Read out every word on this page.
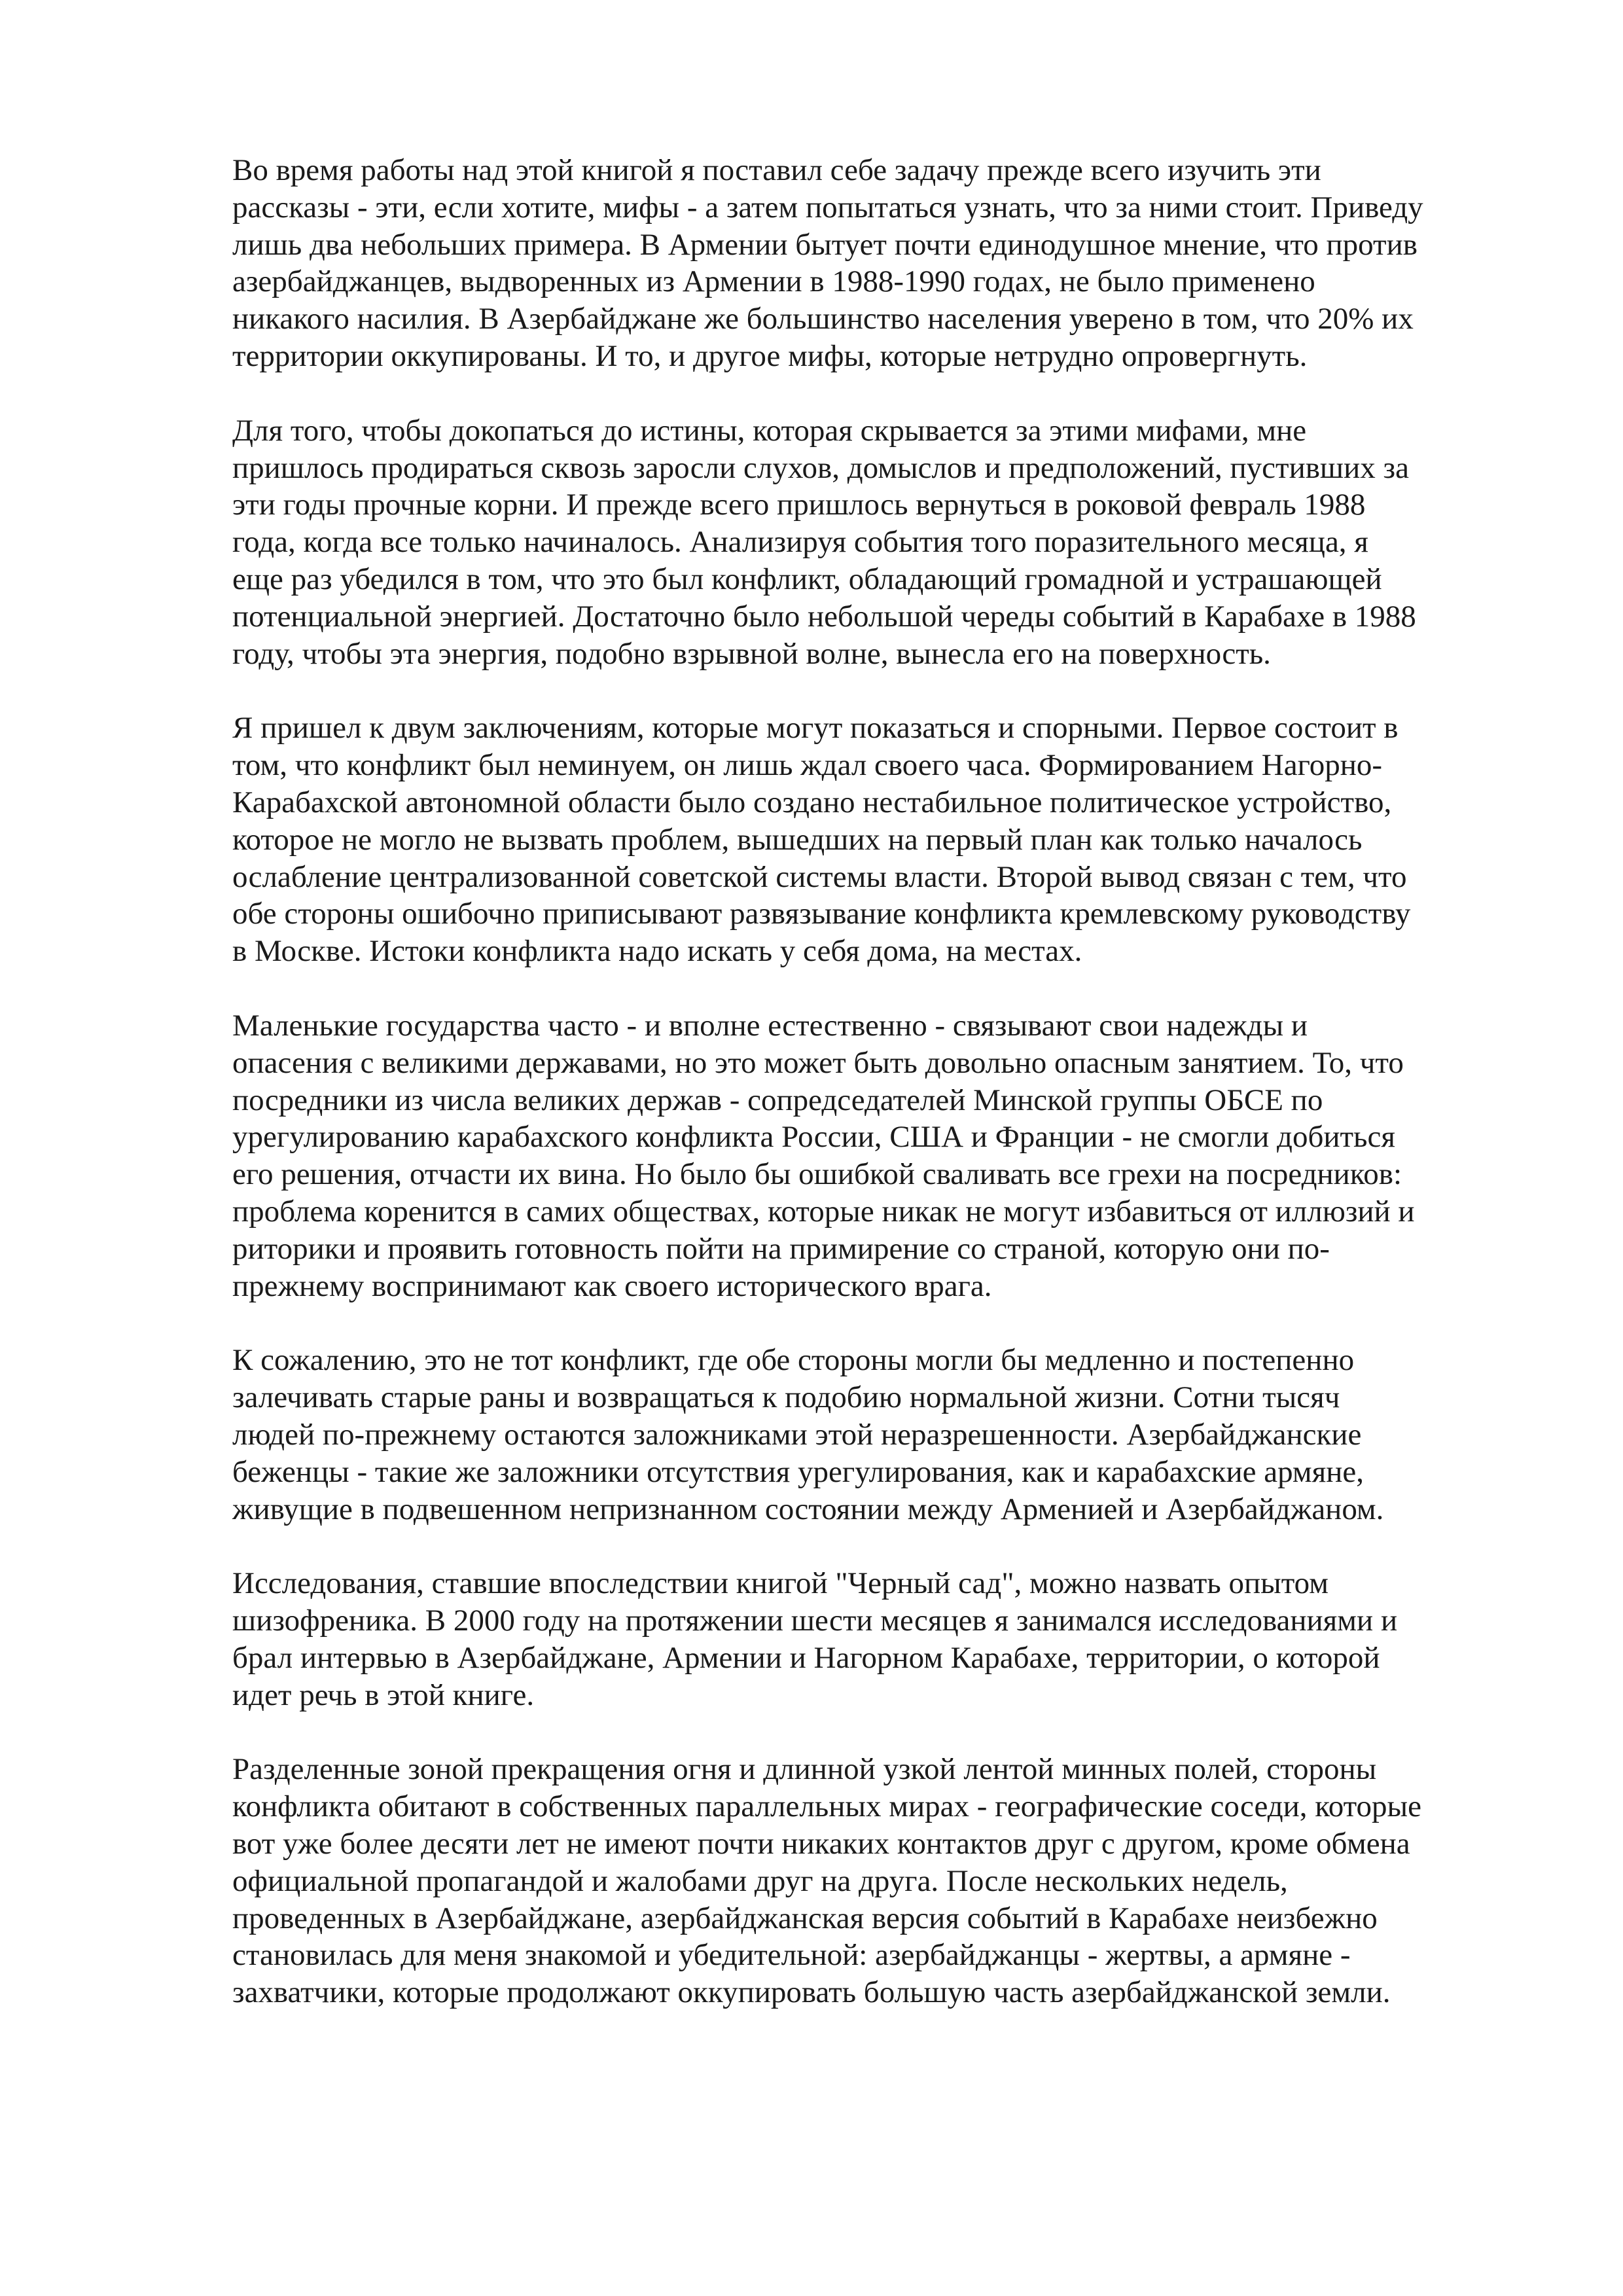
Во время работы над этой книгой я поставил себе задачу прежде всего изучить эти
рассказы - эти, если хотите, мифы - а затем попытаться узнать, что за ними стоит. Приведу
лишь два небольших примера. В Армении бытует почти единодушное мнение, что против
азербайджанцев, выдворенных из Армении в 1988-1990 годах, не было применено
никакого насилия. В Азербайджане же большинство населения уверено в том, что 20% их
территории оккупированы. И то, и другое мифы, которые нетрудно опровергнуть.

Для того, чтобы докопаться до истины, которая скрывается за этими мифами, мне
пришлось продираться сквозь заросли слухов, домыслов и предположений, пустивших за
эти годы прочные корни. И прежде всего пришлось вернуться в роковой февраль 1988
года, когда все только начиналось. Анализируя события того поразительного месяца, я
еще раз убедился в том, что это был конфликт, обладающий громадной и устрашающей
потенциальной энергией. Достаточно было небольшой череды событий в Карабахе в 1988
году, чтобы эта энергия, подобно взрывной волне, вынесла его на поверхность.

Я пришел к двум заключениям, которые могут показаться и спорными. Первое состоит в
том, что конфликт был неминуем, он лишь ждал своего часа. Формированием Нагорно-
Карабахской автономной области было создано нестабильное политическое устройство,
которое не могло не вызвать проблем, вышедших на первый план как только началось
ослабление централизованной советской системы власти. Второй вывод связан с тем, что
обе стороны ошибочно приписывают развязывание конфликта кремлевскому руководству
в Москве. Истоки конфликта надо искать у себя дома, на местах.

Маленькие государства часто - и вполне естественно - связывают свои надежды и
опасения с великими державами, но это может быть довольно опасным занятием. То, что
посредники из числа великих держав - сопредседателей Минской группы ОБСЕ по
урегулированию карабахского конфликта России, США и Франции - не смогли добиться
его решения, отчасти их вина. Но было бы ошибкой сваливать все грехи на посредников:
проблема коренится в самих обществах, которые никак не могут избавиться от иллюзий и
риторики и проявить готовность пойти на примирение со страной, которую они по-
прежнему воспринимают как своего исторического врага.

К сожалению, это не тот конфликт, где обе стороны могли бы медленно и постепенно
залечивать старые раны и возвращаться к подобию нормальной жизни. Сотни тысяч
людей по-прежнему остаются заложниками этой неразрешенности. Азербайджанские
беженцы - такие же заложники отсутствия урегулирования, как и карабахские армяне,
живущие в подвешенном непризнанном состоянии между Арменией и Азербайджаном.

Исследования, ставшие впоследствии книгой "Черный сад", можно назвать опытом
шизофреника. В 2000 году на протяжении шести месяцев я занимался исследованиями и
брал интервью в Азербайджане, Армении и Нагорном Карабахе, территории, о которой
идет речь в этой книге.

Разделенные зоной прекращения огня и длинной узкой лентой минных полей, стороны
конфликта обитают в собственных параллельных мирах - географические соседи, которые
вот уже более десяти лет не имеют почти никаких контактов друг с другом, кроме обмена
официальной пропагандой и жалобами друг на друга. После нескольких недель,
проведенных в Азербайджане, азербайджанская версия событий в Карабахе неизбежно
становилась для меня знакомой и убедительной: азербайджанцы - жертвы, а армяне -
захватчики, которые продолжают оккупировать большую часть азербайджанской земли.
